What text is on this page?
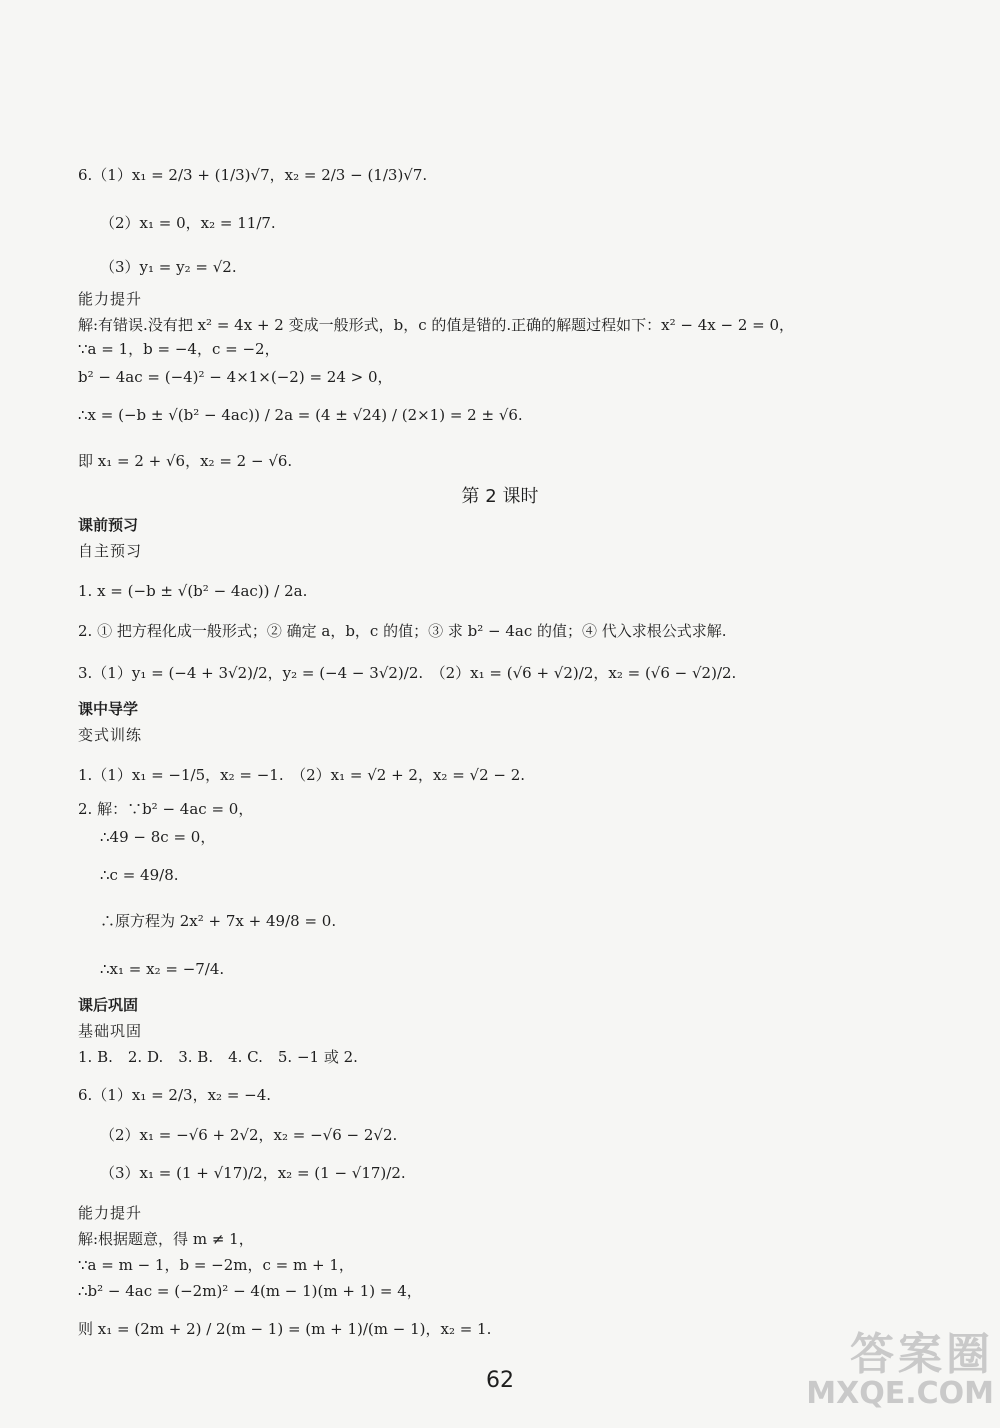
6.（1）x₁ = 2/3 + (1/3)√7，x₂ = 2/3 − (1/3)√7.
（2）x₁ = 0，x₂ = 11/7.
（3）y₁ = y₂ = √2.
能力提升
解:有错误.没有把 x² = 4x + 2 变成一般形式，b，c 的值是错的.正确的解题过程如下：x² − 4x − 2 = 0，
∵a = 1，b = −4，c = −2，
b² − 4ac = (−4)² − 4×1×(−2) = 24 > 0，
∴x = (−b ± √(b² − 4ac)) / 2a = (4 ± √24) / (2×1) = 2 ± √6.
即 x₁ = 2 + √6，x₂ = 2 − √6.
第 2 课时
课前预习
自主预习
1. x = (−b ± √(b² − 4ac)) / 2a.
2. ① 把方程化成一般形式；② 确定 a，b，c 的值；③ 求 b² − 4ac 的值；④ 代入求根公式求解.
3.（1）y₁ = (−4 + 3√2)/2，y₂ = (−4 − 3√2)/2.　（2）x₁ = (√6 + √2)/2，x₂ = (√6 − √2)/2.
课中导学
变式训练
1.（1）x₁ = −1/5，x₂ = −1.　（2）x₁ = √2 + 2，x₂ = √2 − 2.
2. 解：∵b² − 4ac = 0，
∴49 − 8c = 0，
∴c = 49/8.
∴原方程为 2x² + 7x + 49/8 = 0.
∴x₁ = x₂ = −7/4.
课后巩固
基础巩固
1. B.　2. D.　3. B.　4. C.　5. −1 或 2.
6.（1）x₁ = 2/3，x₂ = −4.
（2）x₁ = −√6 + 2√2，x₂ = −√6 − 2√2.
（3）x₁ = (1 + √17)/2，x₂ = (1 − √17)/2.
能力提升
解:根据题意，得 m ≠ 1，
∵a = m − 1，b = −2m，c = m + 1，
∴b² − 4ac = (−2m)² − 4(m − 1)(m + 1) = 4，
则 x₁ = (2m + 2) / 2(m − 1) = (m + 1)/(m − 1)，x₂ = 1.
62
答案圈
MXQE.COM
